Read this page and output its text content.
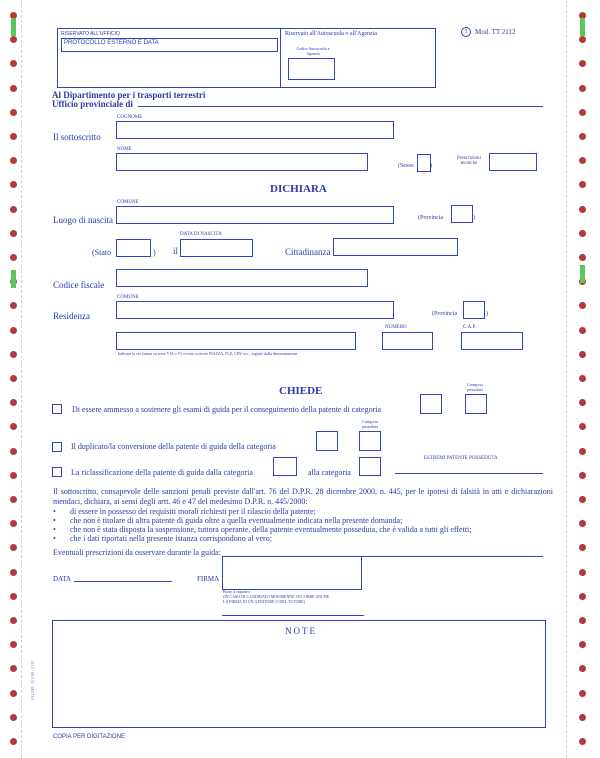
RISERVATO ALL'UFFICIO
PROTOCOLLO ESTERNO E DATA
Riservato all'Autoscuola o all'Agenzia
Codice Autoscuola e Agenzia
1	Mod. TT 2112
Al Dipartimento per i trasporti terrestri
Ufficio provinciale di
COGNOME
Il sottoscritto
NOME
(Sesso	)
Prescrizioni tecniche
DICHIARA
COMUNE
Luogo di nascita	(Provincia	)
DATA DI NASCITA
(Stato	) il	Cittadinanza
Codice fiscale
COMUNE
Residenza	(Provincia	)
NUMERO	C.A.P.
Indicare la via (senza scrivere VIA o V.) ovvero scrivere PIAZZA, PLE, CRV ecc., seguito dalla denominazione.
CHIEDE
Categoria posseduta
Di essere ammesso a sostenere gli esami di guida per il conseguimento della patente di categoria
Categoria posseduta
Il duplicato/la conversione della patente di guida della categoria
ESTREMI PATENTE POSSEDUTA
La riclassificazione della patente di guida dalla categoria	alla categoria
Il sottoscritto, consapevole delle sanzioni penali previste dall'art. 76 del D.P.R. 28 dicembre 2000, n. 445, per le ipotesi di falsità in atti e dichiarazioni mendaci, dichiara, ai sensi degli artt. 46 e 47 del medesimo D.P.R. n. 445/2000:
• di essere in possesso dei requisiti morali richiesti per il rilascio della patente;
• che non è titolare di altra patente di guida oltre a quella eventualmente indicata nella presente domanda;
• che non è stata disposta la sospensione, tuttora operante, della patente eventualmente posseduta, che è valida a tutti gli effetti;
• che i dati riportati nella presente istanza corrispondono al vero;
Eventuali prescrizioni da osservare durante la guida:
DATA	FIRMA
Botto il riquadro
(IN CASO DI CANDIDATO MINORENNE OCCORRE ANCHE
LA FIRMA DI UN GENITORE O DEL TUTORE)
ELLEPI - D.V.98 - 2112
NOTE
COPIA PER DIGITAZIONE
